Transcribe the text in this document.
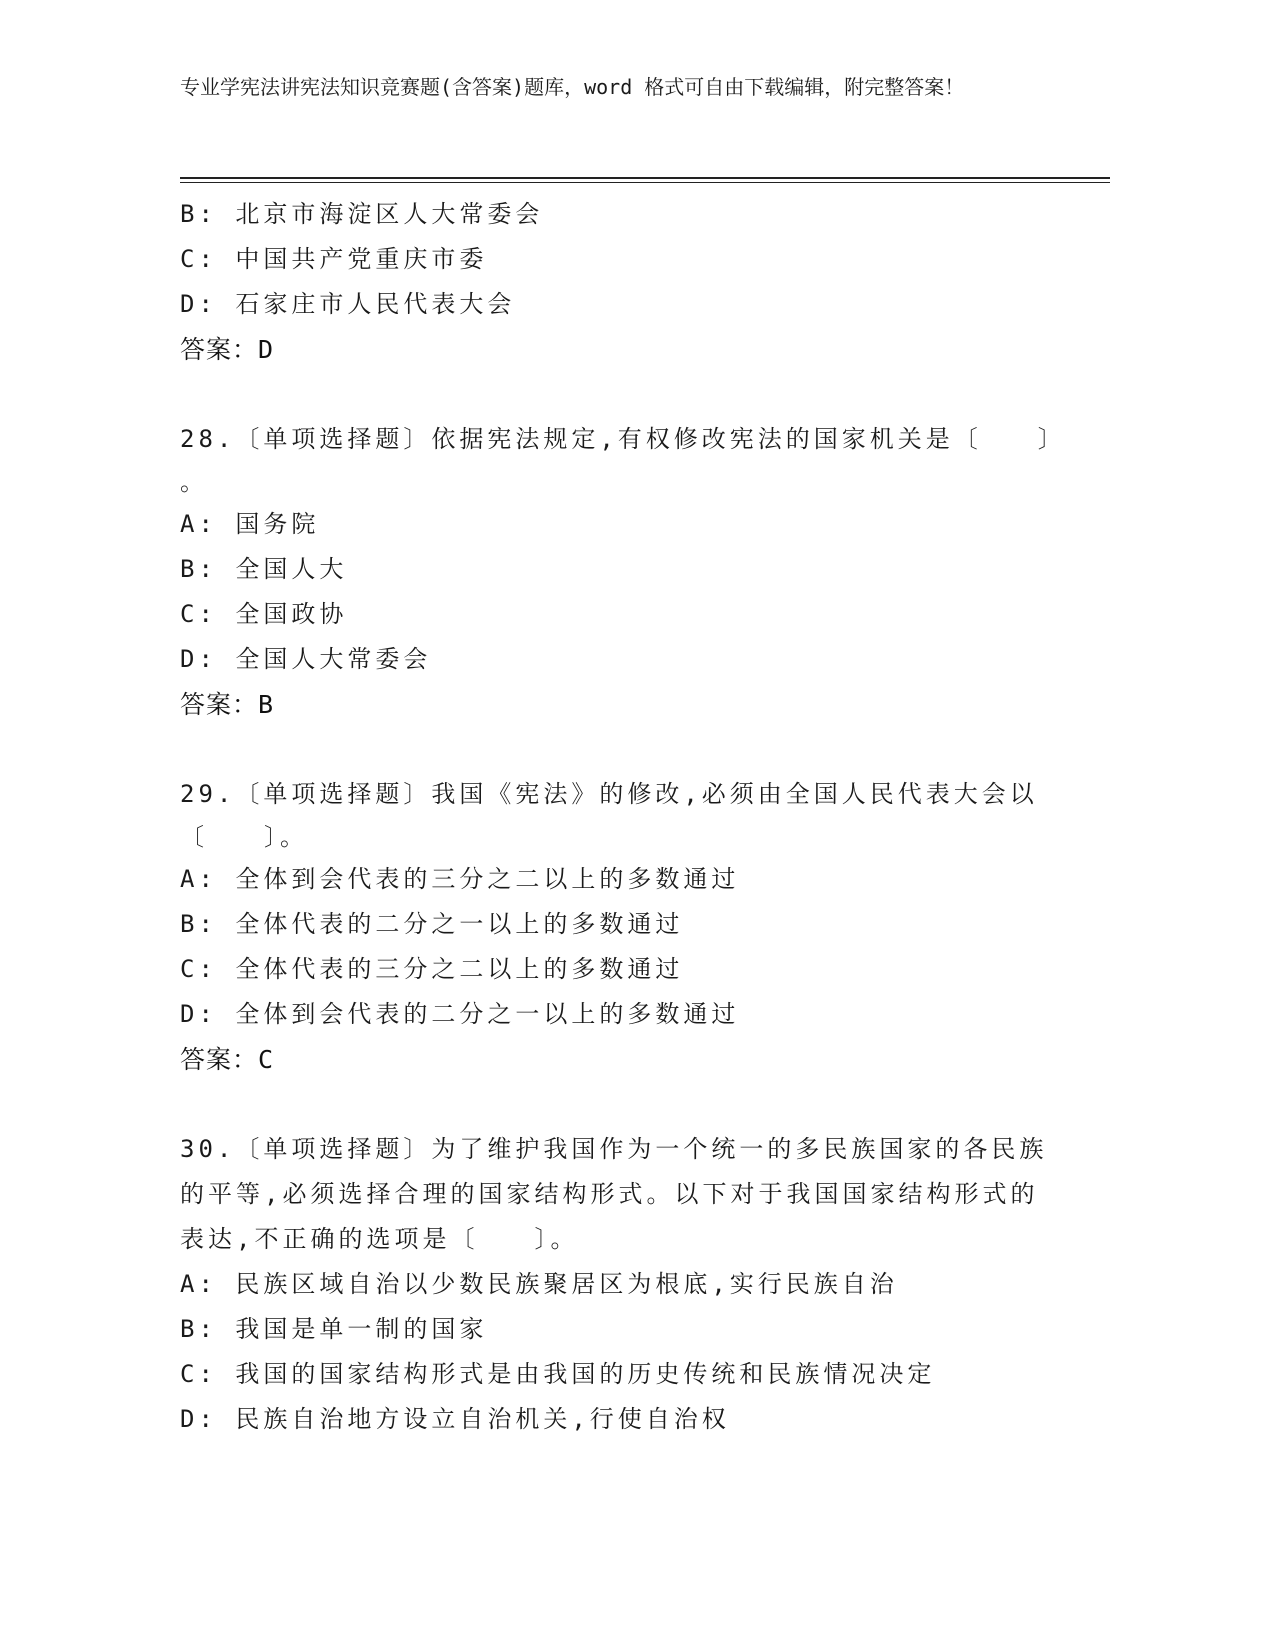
专业学宪法讲宪法知识竞赛题(含答案)题库，word 格式可自由下载编辑，附完整答案！
B: 北京市海淀区人大常委会
C: 中国共产党重庆市委
D: 石家庄市人民代表大会
答案：D
28.〔单项选择题〕依据宪法规定,有权修改宪法的国家机关是〔　　〕
。
A: 国务院
B: 全国人大
C: 全国政协
D: 全国人大常委会
答案：B
29.〔单项选择题〕我国《宪法》的修改,必须由全国人民代表大会以
〔　　〕。
A: 全体到会代表的三分之二以上的多数通过
B: 全体代表的二分之一以上的多数通过
C: 全体代表的三分之二以上的多数通过
D: 全体到会代表的二分之一以上的多数通过
答案：C
30.〔单项选择题〕为了维护我国作为一个统一的多民族国家的各民族
的平等,必须选择合理的国家结构形式。以下对于我国国家结构形式的
表达,不正确的选项是〔　　〕。
A: 民族区域自治以少数民族聚居区为根底,实行民族自治
B: 我国是单一制的国家
C: 我国的国家结构形式是由我国的历史传统和民族情况决定
D: 民族自治地方设立自治机关,行使自治权
